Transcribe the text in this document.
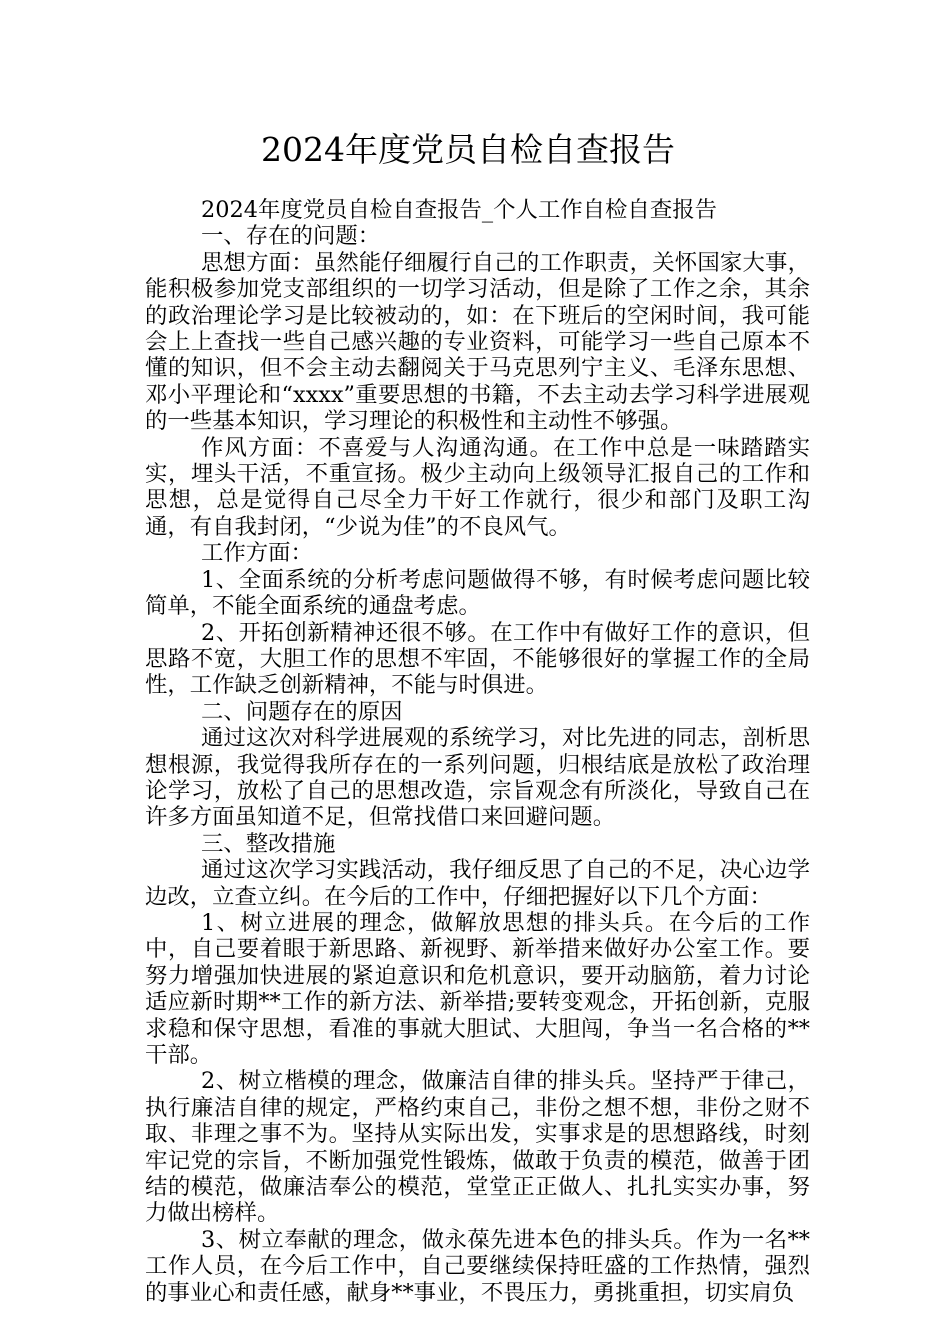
2024年度党员自检自查报告

2024年度党员自检自查报告_个人工作自检自查报告

一、存在的问题：

思想方面：虽然能仔细履行自己的工作职责，关怀国家大事，能积极参加党支部组织的一切学习活动，但是除了工作之余，其余的政治理论学习是比较被动的，如：在下班后的空闲时间，我可能会上上查找一些自己感兴趣的专业资料，可能学习一些自己原本不懂的知识，但不会主动去翻阅关于马克思列宁主义、毛泽东思想、邓小平理论和“xxxx”重要思想的书籍，不去主动去学习科学进展观的一些基本知识，学习理论的积极性和主动性不够强。

作风方面：不喜爱与人沟通沟通。在工作中总是一味踏踏实实，埋头干活，不重宣扬。极少主动向上级领导汇报自己的工作和思想，总是觉得自己尽全力干好工作就行，很少和部门及职工沟通，有自我封闭，“少说为佳”的不良风气。

工作方面：

1、全面系统的分析考虑问题做得不够，有时候考虑问题比较简单，不能全面系统的通盘考虑。

2、开拓创新精神还很不够。在工作中有做好工作的意识，但思路不宽，大胆工作的思想不牢固，不能够很好的掌握工作的全局性，工作缺乏创新精神，不能与时俱进。

二、问题存在的原因

通过这次对科学进展观的系统学习，对比先进的同志，剖析思想根源，我觉得我所存在的一系列问题，归根结底是放松了政治理论学习，放松了自己的思想改造，宗旨观念有所淡化，导致自己在许多方面虽知道不足，但常找借口来回避问题。

三、整改措施

通过这次学习实践活动，我仔细反思了自己的不足，决心边学边改，立查立纠。在今后的工作中，仔细把握好以下几个方面：

1、树立进展的理念，做解放思想的排头兵。在今后的工作中，自己要着眼于新思路、新视野、新举措来做好办公室工作。要努力增强加快进展的紧迫意识和危机意识，要开动脑筋，着力讨论适应新时期**工作的新方法、新举措;要转变观念，开拓创新，克服求稳和保守思想，看准的事就大胆试、大胆闯，争当一名合格的**干部。

2、树立楷模的理念，做廉洁自律的排头兵。坚持严于律己，执行廉洁自律的规定，严格约束自己，非份之想不想，非份之财不取、非理之事不为。坚持从实际出发，实事求是的思想路线，时刻牢记党的宗旨，不断加强党性锻炼，做敢于负责的模范，做善于团结的模范，做廉洁奉公的模范，堂堂正正做人、扎扎实实办事，努力做出榜样。

3、树立奉献的理念，做永葆先进本色的排头兵。作为一名**工作人员，在今后工作中，自己要继续保持旺盛的工作热情，强烈的事业心和责任感，献身**事业，不畏压力，勇挑重担，切实肩负
